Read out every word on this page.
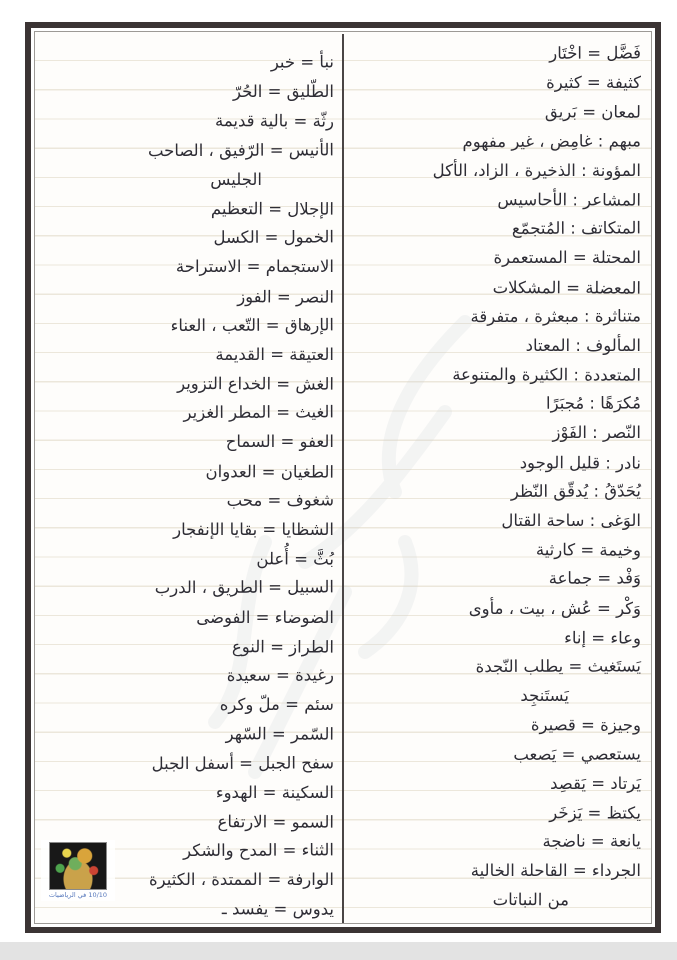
فَضَّل = اخْتَار
كثيفة = كثيرة
لمعان = بَريق
مبهم : غامِض ، غير مفهوم
المؤونة : الذخيرة ، الزاد، الأكل
المشاعر : الأحاسيس
المتكاتف : المُتجمّع
المحتلة = المستعمرة
المعضلة = المشكلات
متناثرة : مبعثرة ، متفرقة
المألوف : المعتاد
المتعددة : الكثيرة والمتنوعة
مُكرَهًا : مُجبَرًا
النّصر : الفَوْز
نادر : قليل الوجود
يُحَدّقُ : يُدقّق النّظر
الوَغى : ساحة القتال
وخيمة = كارثية
وَفْد = جماعة
وَكْر = عُش ، بيت ، مأوى
وعاء = إناء
يَستَغيث = يطلب النّجدة
يَستَنجِد
وجيزة = قصيرة
يستعصي = يَصعب
يَرتاد = يَقصِد
يكتظ = يَزخَر
يانعة = ناضجة
الجرداء = القاحلة الخالية
من النباتات
نبأ = خبر
الطّليق = الحُرّ
رثّة = بالية قديمة
الأنيس = الرّفيق ، الصاحب
الجليس
الإجلال = التعظيم
الخمول = الكسل
الاستجمام = الاستراحة
النصر = الفوز
الإرهاق = التّعب ، العناء
العتيقة = القديمة
الغش = الخداع التزوير
الغيث = المطر الغزير
العفو = السماح
الطغيان = العدوان
شغوف = محب
الشظايا = بقايا الإنفجار
بُثَّ = أُعلن
السبيل = الطريق ، الدرب
الضوضاء = الفوضى
الطراز = النوع
رغيدة = سعيدة
سئم = ملّ وكره
السّمر = السّهر
سفح الجبل = أسفل الجبل
السكينة = الهدوء
السمو = الارتفاع
الثناء = المدح والشكر
الوارفة = الممتدة ، الكثيرة
يدوس = يفسد ـ
10/10 في الرياضيات
